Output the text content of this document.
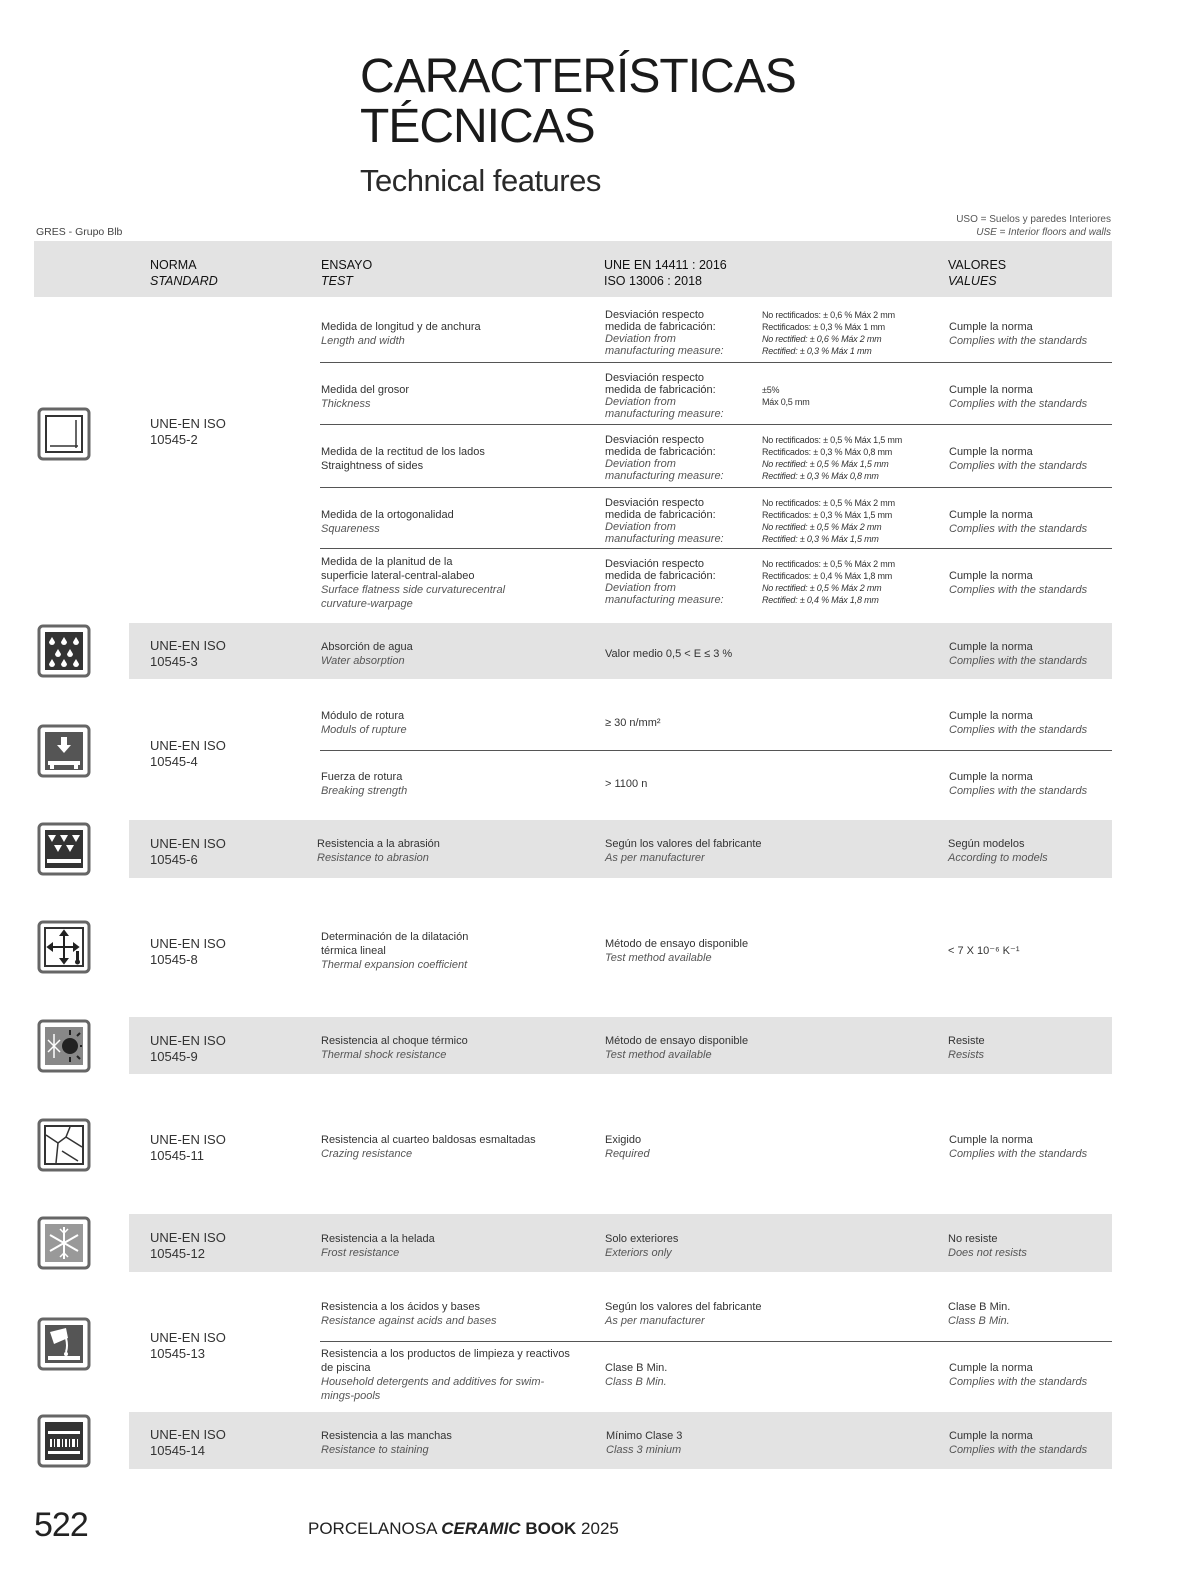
CARACTERÍSTICAS
TÉCNICAS
Technical features
GRES - Grupo Blb
USO = Suelos y paredes Interiores
USE = Interior floors and walls
NORMA
STANDARD
ENSAYO
TEST
UNE EN 14411 : 2016
ISO 13006 : 2018
VALORES
VALUES
UNE-EN ISO
10545-2
Medida de longitud y de anchura
Length and width
Desviación respecto
medida de fabricación:
Deviation from
manufacturing measure:
No rectificados: ± 0,6 % Máx 2 mm
Rectificados: ± 0,3 % Máx 1 mm
No rectified: ± 0,6 % Máx 2 mm
Rectified: ± 0,3 % Máx 1 mm
Cumple la norma
Complies with the standards
Medida del grosor
Thickness
Desviación respecto
medida de fabricación:
Deviation from
manufacturing measure:
±5%
Máx 0,5 mm
Cumple la norma
Complies with the standards
Medida de la rectitud de los lados
Straightness of sides
Desviación respecto
medida de fabricación:
Deviation from
manufacturing measure:
No rectificados: ± 0,5 % Máx 1,5 mm
Rectificados: ± 0,3 % Máx 0,8 mm
No rectified: ± 0,5 % Máx 1,5 mm
Rectified: ± 0,3 % Máx 0,8 mm
Cumple la norma
Complies with the standards
Medida de la ortogonalidad
Squareness
Desviación respecto
medida de fabricación:
Deviation from
manufacturing measure:
No rectificados: ± 0,5 % Máx 2 mm
Rectificados: ± 0,3 % Máx 1,5 mm
No rectified: ± 0,5 % Máx 2 mm
Rectified: ± 0,3 % Máx 1,5 mm
Cumple la norma
Complies with the standards
Medida de la planitud de la
superficie lateral-central-alabeo
Surface flatness side curvaturecentral
curvature-warpage
Desviación respecto
medida de fabricación:
Deviation from
manufacturing measure:
No rectificados: ± 0,5 % Máx 2 mm
Rectificados: ± 0,4 % Máx 1,8 mm
No rectified: ± 0,5 % Máx 2 mm
Rectified: ± 0,4 % Máx 1,8 mm
Cumple la norma
Complies with the standards
UNE-EN ISO
10545-3
Absorción de agua
Water absorption
Valor medio 0,5 < E ≤ 3 %
Cumple la norma
Complies with the standards
UNE-EN ISO
10545-4
Módulo de rotura
Moduls of rupture
≥ 30 n/mm²
Cumple la norma
Complies with the standards
Fuerza de rotura
Breaking strength
> 1100 n
Cumple la norma
Complies with the standards
UNE-EN ISO
10545-6
Resistencia a la abrasión
Resistance to abrasion
Según los valores del fabricante
As per manufacturer
Según modelos
According to models
UNE-EN ISO
10545-8
Determinación de la dilatación
térmica lineal
Thermal expansion coefficient
Método de ensayo disponible
Test method available
< 7 X 10⁻⁶ K⁻¹
UNE-EN ISO
10545-9
Resistencia al choque térmico
Thermal shock resistance
Método de ensayo disponible
Test method available
Resiste
Resists
UNE-EN ISO
10545-11
Resistencia al cuarteo baldosas esmaltadas
Crazing resistance
Exigido
Required
Cumple la norma
Complies with the standards
UNE-EN ISO
10545-12
Resistencia a la helada
Frost resistance
Solo exteriores
Exteriors only
No resiste
Does not resists
UNE-EN ISO
10545-13
Resistencia a los ácidos y bases
Resistance against acids and bases
Según los valores del fabricante
As per manufacturer
Clase B Min.
Class B Min.
Resistencia a los productos de limpieza y reactivos
de piscina
Household detergents and additives for swim-
mings-pools
Clase B Min.
Class B Min.
Cumple la norma
Complies with the standards
UNE-EN ISO
10545-14
Resistencia a las manchas
Resistance to staining
Mínimo Clase 3
Class 3 minium
Cumple la norma
Complies with the standards
522	PORCELANOSA CERAMIC BOOK 2025
